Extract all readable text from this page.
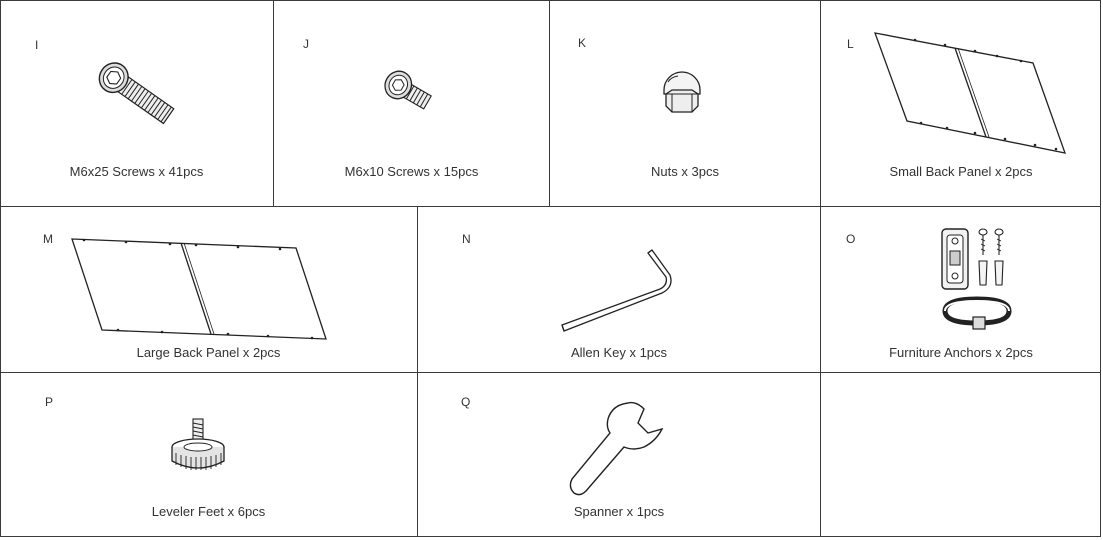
I
M6x25 Screws x 41pcs
J
M6x10 Screws x 15pcs
K
Nuts x 3pcs
L
Small Back Panel x 2pcs
M
Large Back Panel x 2pcs
N
Allen Key x 1pcs
O
Furniture Anchors x 2pcs
P
Leveler Feet x 6pcs
Q
Spanner x 1pcs
